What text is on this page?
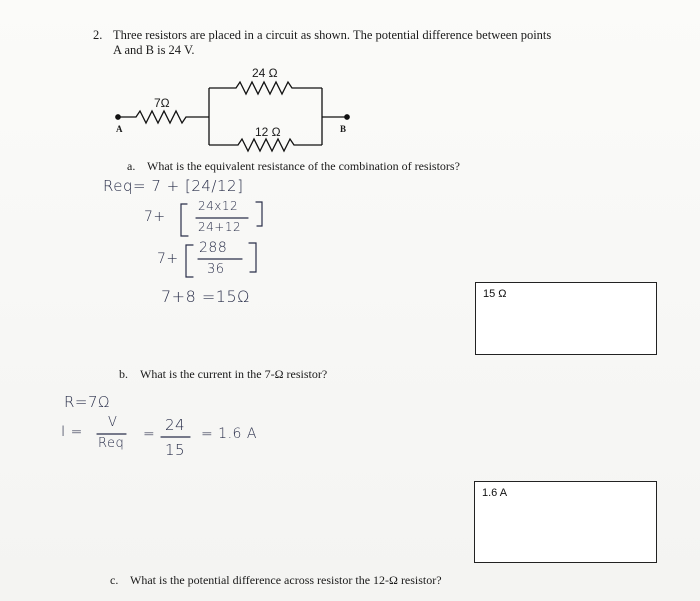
2. Three resistors are placed in a circuit as shown. The potential difference between points
A and B is 24 V.
7Ω
24 Ω
12 Ω
A	B
a. What is the equivalent resistance of the combination of resistors?
Req= 7 + [24/12]
7+
24x12
24+12
7+
288
36
7+8 =15Ω	15 Ω
b. What is the current in the 7-Ω resistor?
R=7Ω
I =
V
Req
= 24
15
= 1.6 A
1.6 A
c. What is the potential difference across resistor the 12-Ω resistor?
